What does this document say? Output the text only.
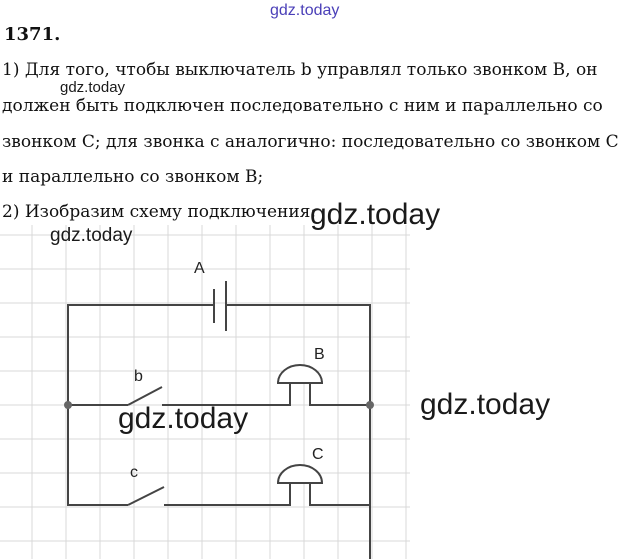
gdz.today
1371.
1) Для того, чтобы выключатель b управлял только звонком B, он
gdz.today
должен быть подключен последовательно с ним и параллельно со
звонком C; для звонка c аналогично: последовательно со звонком C
и параллельно со звонком B;
2) Изобразим схему подключения:
A
b
B
c
C
gdz.today
gdz.today
gdz.today	gdz.today
